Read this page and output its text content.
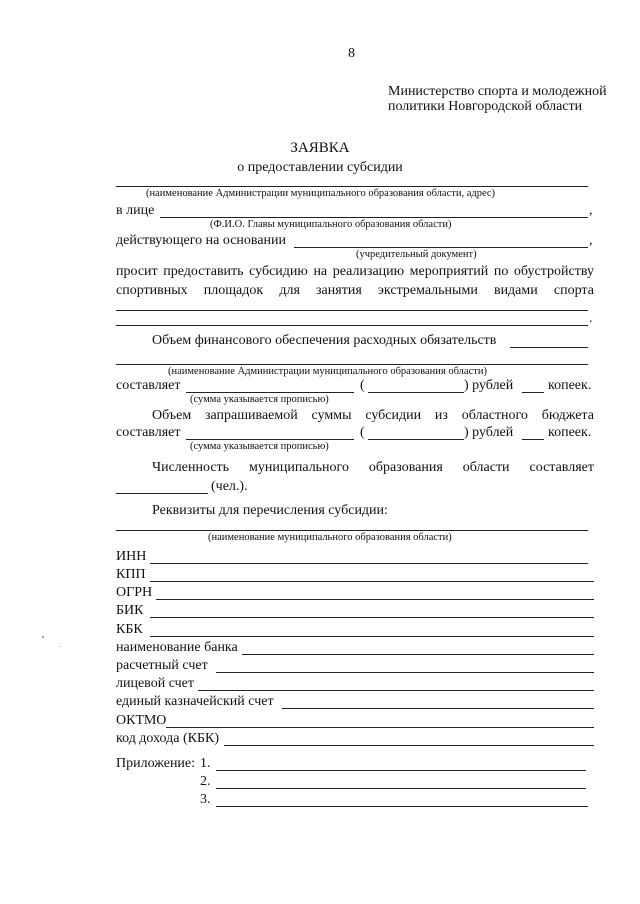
8
Министерство спорта и молодежной
политики Новгородской области
ЗАЯВКА
о предоставлении субсидии
(наименование Администрации муниципального образования области, адрес)
в лице	,
(Ф.И.О. Главы муниципального образования области)
действующего на основании	,
(учредительный документ)
просит предоставить субсидию на реализацию мероприятий по обустройству
спортивных площадок для занятия экстремальными видами спорта
.
Объем финансового обеспечения расходных обязательств
(наименование Администрации муниципального образования области)
составляет	(	) рублей копеек.
(сумма указывается прописью)
Объем запрашиваемой суммы субсидии из областного бюджета
составляет	(	) рублей копеек.
(сумма указывается прописью)
Численность муниципального образования области составляет
(чел.).
Реквизиты для перечисления субсидии:
(наименование муниципального образования области)
ИНН
КПП
ОГРН
БИК
КБК
наименование банка
расчетный счет
лицевой счет
единый казначейский счет
ОКТМО
код дохода (КБК)
Приложение: 1.
2.
3.
